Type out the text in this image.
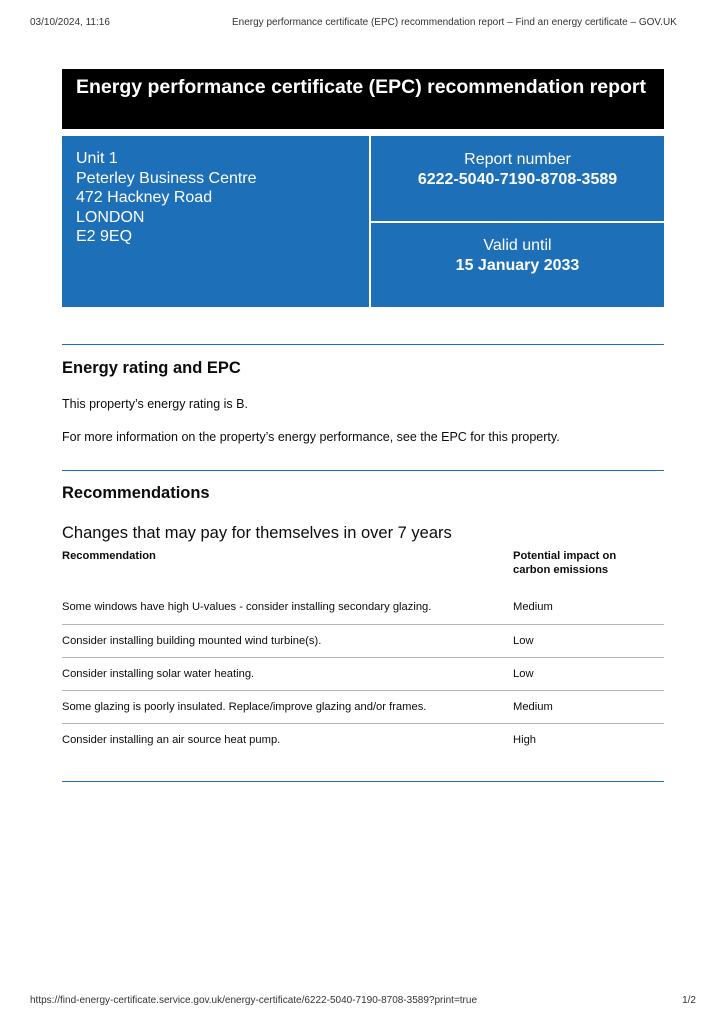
03/10/2024, 11:16	Energy performance certificate (EPC) recommendation report – Find an energy certificate – GOV.UK
Energy performance certificate (EPC) recommendation report
Unit 1
Peterley Business Centre
472 Hackney Road
LONDON
E2 9EQ
Report number
6222-5040-7190-8708-3589
Valid until
15 January 2033
Energy rating and EPC

This property’s energy rating is B.

For more information on the property’s energy performance, see the EPC for this property.

Recommendations
Changes that may pay for themselves in over 7 years
Recommendation	Potential impact on
carbon emissions
Some windows have high U-values - consider installing secondary glazing.	Medium
Consider installing building mounted wind turbine(s).	Low
Consider installing solar water heating.	Low
Some glazing is poorly insulated. Replace/improve glazing and/or frames.	Medium
Consider installing an air source heat pump.	High
https://find-energy-certificate.service.gov.uk/energy-certificate/6222-5040-7190-8708-3589?print=true	1/2
